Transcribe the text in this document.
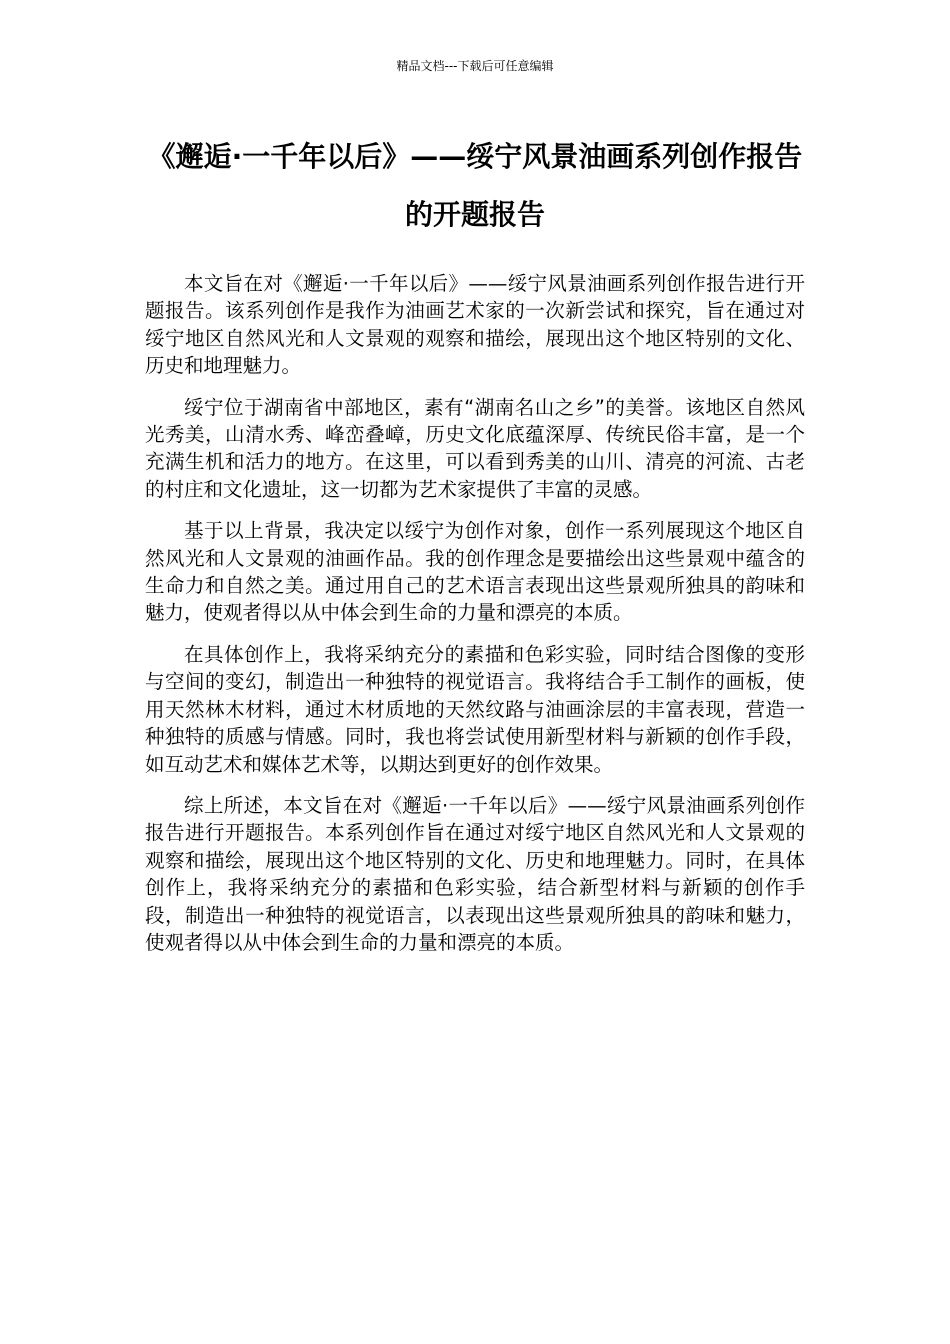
精品文档---下载后可任意编辑
《邂逅·一千年以后》——绥宁风景油画系列创作报告的开题报告

本文旨在对《邂逅·一千年以后》——绥宁风景油画系列创作报告进行开题报告。该系列创作是我作为油画艺术家的一次新尝试和探究，旨在通过对绥宁地区自然风光和人文景观的观察和描绘，展现出这个地区特别的文化、历史和地理魅力。

绥宁位于湖南省中部地区，素有“湖南名山之乡”的美誉。该地区自然风光秀美，山清水秀、峰峦叠嶂，历史文化底蕴深厚、传统民俗丰富，是一个充满生机和活力的地方。在这里，可以看到秀美的山川、清亮的河流、古老的村庄和文化遗址，这一切都为艺术家提供了丰富的灵感。

基于以上背景，我决定以绥宁为创作对象，创作一系列展现这个地区自然风光和人文景观的油画作品。我的创作理念是要描绘出这些景观中蕴含的生命力和自然之美。通过用自己的艺术语言表现出这些景观所独具的韵味和魅力，使观者得以从中体会到生命的力量和漂亮的本质。

在具体创作上，我将采纳充分的素描和色彩实验，同时结合图像的变形与空间的变幻，制造出一种独特的视觉语言。我将结合手工制作的画板，使用天然林木材料，通过木材质地的天然纹路与油画涂层的丰富表现，营造一种独特的质感与情感。同时，我也将尝试使用新型材料与新颖的创作手段，如互动艺术和媒体艺术等，以期达到更好的创作效果。

综上所述，本文旨在对《邂逅·一千年以后》——绥宁风景油画系列创作报告进行开题报告。本系列创作旨在通过对绥宁地区自然风光和人文景观的观察和描绘，展现出这个地区特别的文化、历史和地理魅力。同时，在具体创作上，我将采纳充分的素描和色彩实验，结合新型材料与新颖的创作手段，制造出一种独特的视觉语言，以表现出这些景观所独具的韵味和魅力，使观者得以从中体会到生命的力量和漂亮的本质。
